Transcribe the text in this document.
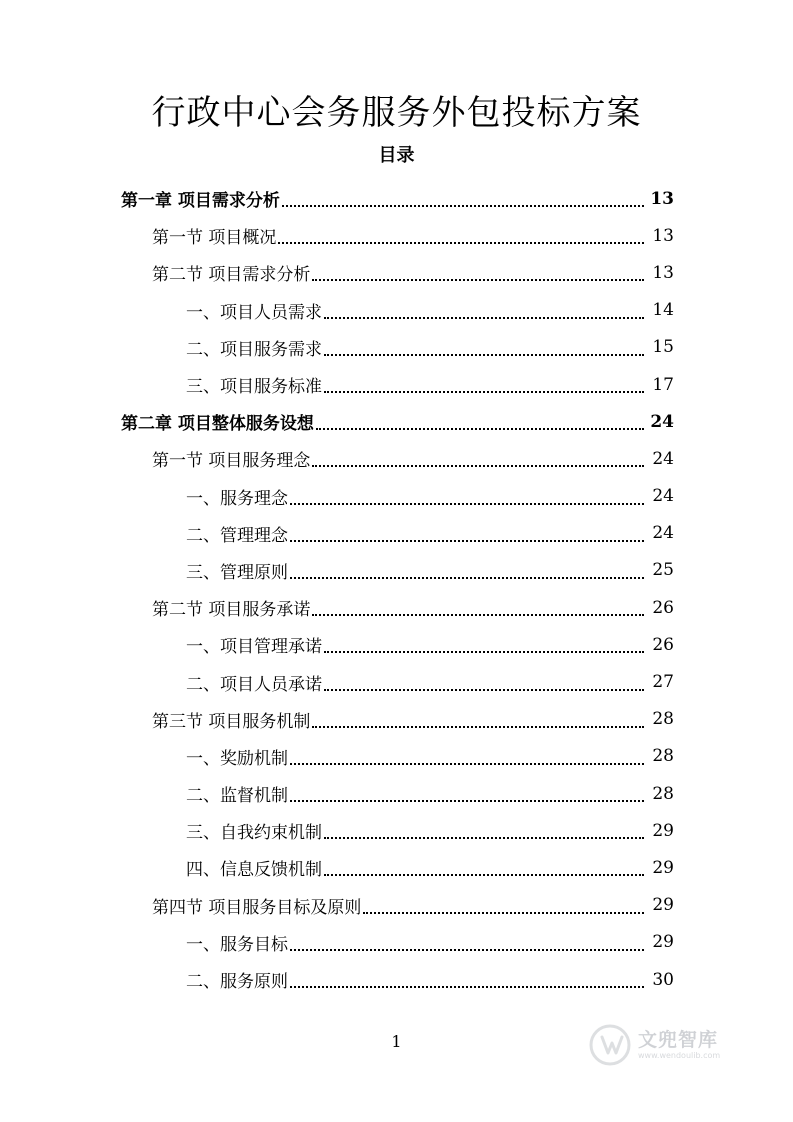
行政中心会务服务外包投标方案
目录
第一章 项目需求分析	13
第一节 项目概况	13
第二节 项目需求分析	13
一、项目人员需求	14
二、项目服务需求	15
三、项目服务标准	17
第二章 项目整体服务设想	24
第一节 项目服务理念	24
一、服务理念	24
二、管理理念	24
三、管理原则	25
第二节 项目服务承诺	26
一、项目管理承诺	26
二、项目人员承诺	27
第三节 项目服务机制	28
一、奖励机制	28
二、监督机制	28
三、自我约束机制	29
四、信息反馈机制	29
第四节 项目服务目标及原则	29
一、服务目标	29
二、服务原则	30
1	文兜智库
www.wendoulib.com
